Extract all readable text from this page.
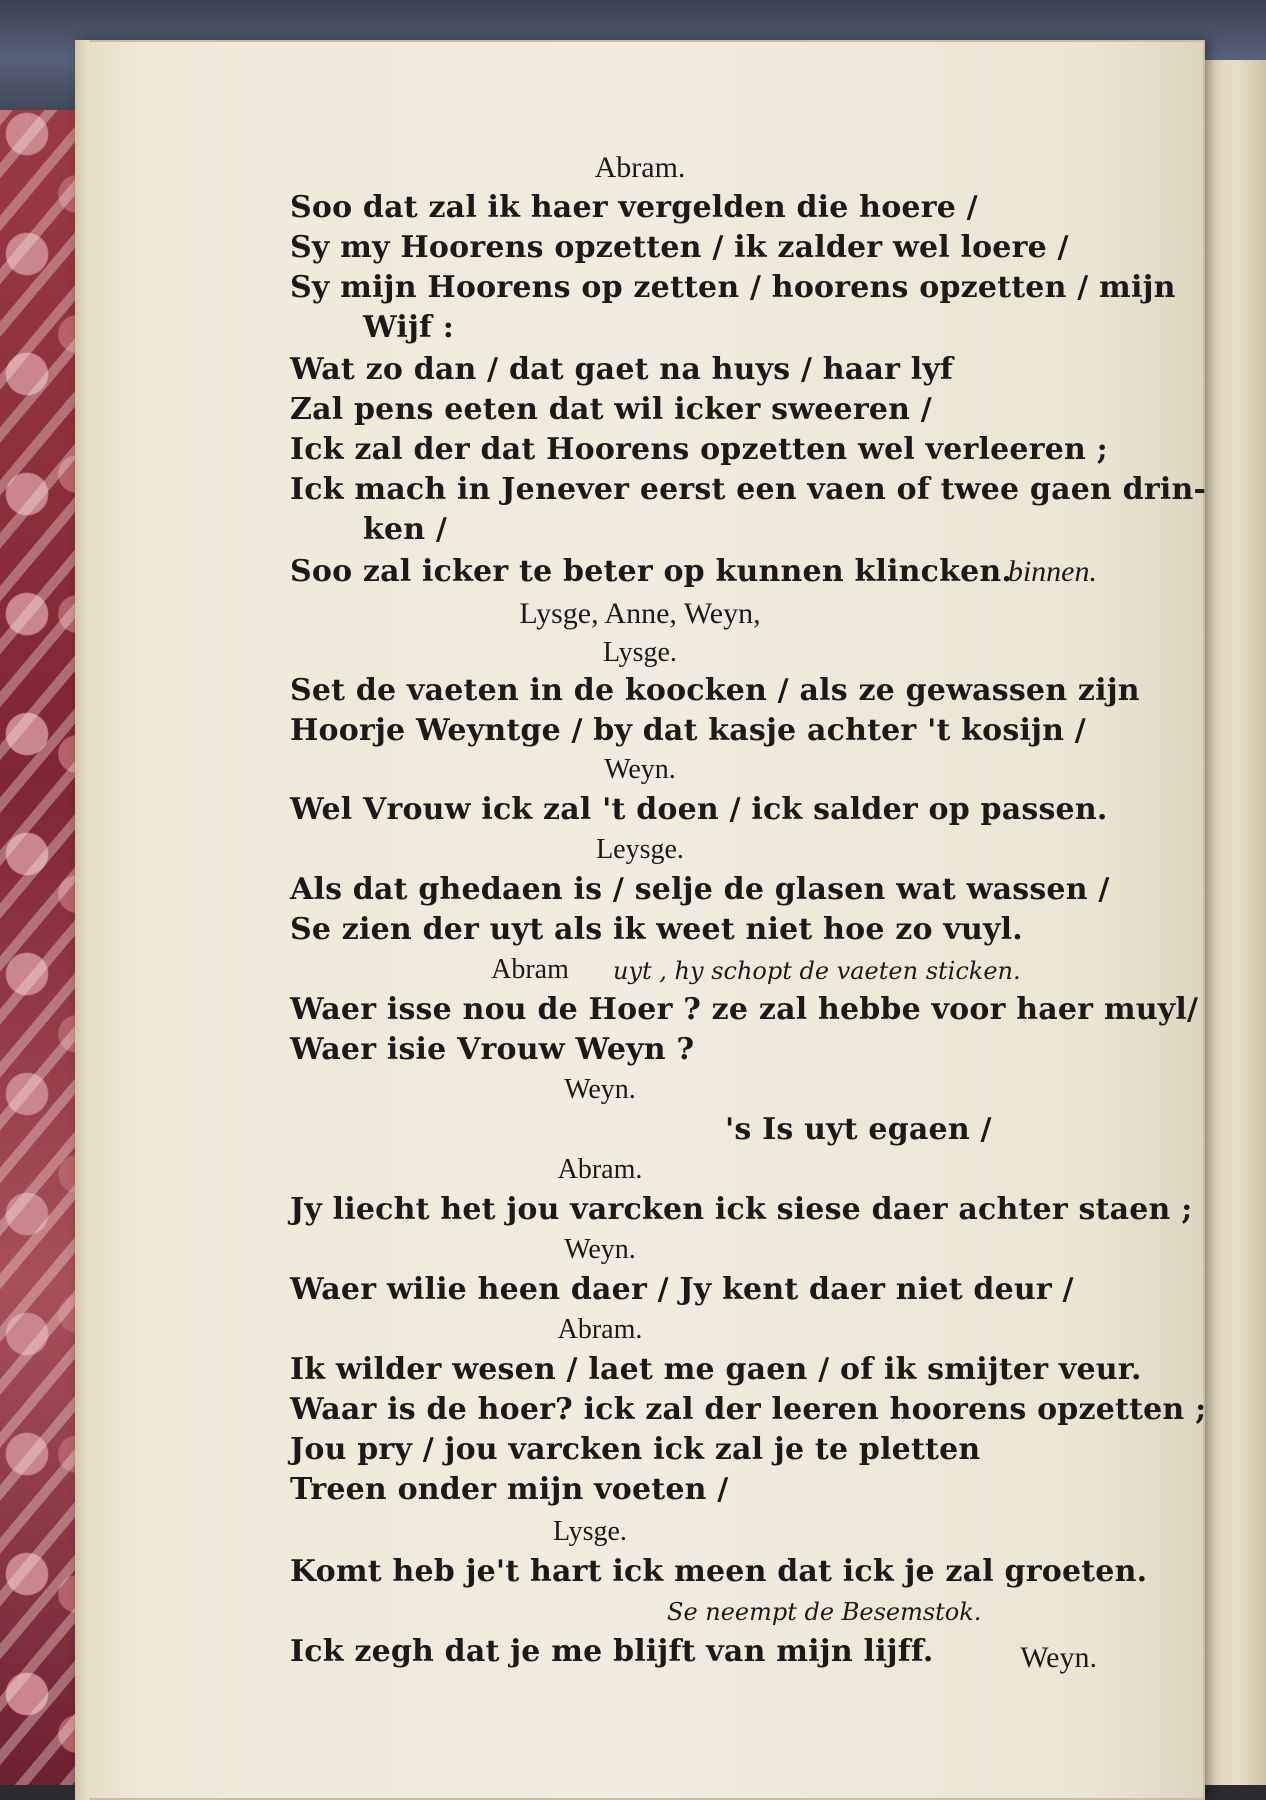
Abram.
Soo dat zal ik haer vergelden die hoere /
Sy my Hoorens opzetten / ik zalder wel loere /
Sy mijn Hoorens op zetten / hoorens opzetten / mijn
Wijf :
Wat zo dan / dat gaet na huys / haar lyf
Zal pens eeten dat wil icker sweeren /
Ick zal der dat Hoorens opzetten wel verleeren ;
Ick mach in Jenever eerst een vaen of twee gaen drin-
ken /
Soo zal icker te beter op kunnen klincken.
binnen.
Lysge, Anne, Weyn,
Lysge.
Set de vaeten in de koocken / als ze gewassen zijn
Hoorje Weyntge / by dat kasje achter 't kosijn /
Weyn.
Wel Vrouw ick zal 't doen / ick salder op passen.
Leysge.
Als dat ghedaen is / selje de glasen wat wassen /
Se zien der uyt als ik weet niet hoe zo vuyl.
Abram	uyt , hy schopt de vaeten sticken.
Waer isse nou de Hoer ? ze zal hebbe voor haer muyl/
Waer isie Vrouw Weyn ?
Weyn.
's Is uyt egaen /
Abram.
Jy liecht het jou varcken ick siese daer achter staen ;
Weyn.
Waer wilie heen daer / Jy kent daer niet deur /
Abram.
Ik wilder wesen / laet me gaen / of ik smijter veur.
Waar is de hoer? ick zal der leeren hoorens opzetten ;
Jou pry / jou varcken ick zal je te pletten
Treen onder mijn voeten /
Lysge.
Komt heb je't hart ick meen dat ick je zal groeten.
Se neempt de Besemstok.
Ick zegh dat je me blijft van mijn lijff.	Weyn.
